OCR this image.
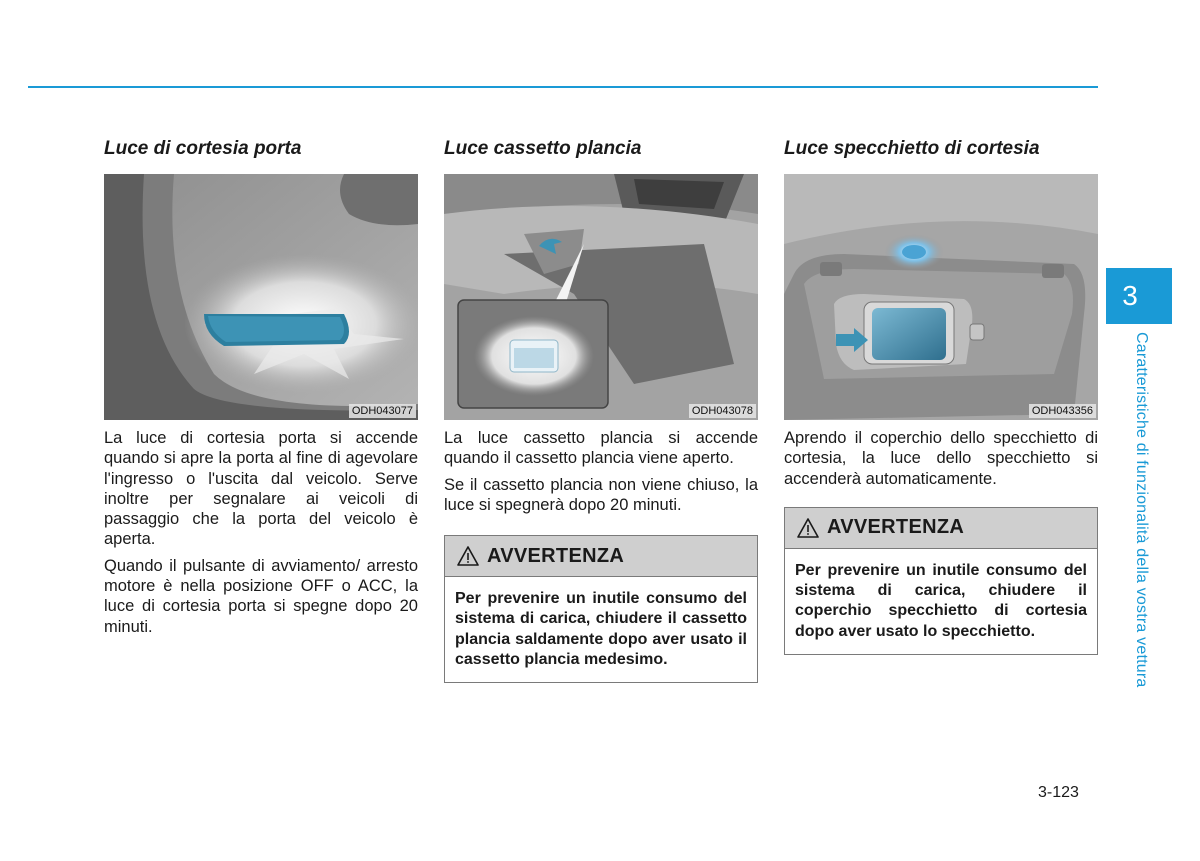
Luce di cortesia porta
ODH043077

La luce di cortesia porta si accende quando si apre la porta al fine di agevolare l'ingresso o l'uscita dal veicolo. Serve inoltre per segnalare ai veicoli di passaggio che la porta del veicolo è aperta.

Quando il pulsante di avviamento/ arresto motore è nella posizione OFF o ACC, la luce di cortesia porta si spegne dopo 20 minuti.

Luce cassetto plancia
ODH043078

La luce cassetto plancia si accende quando il cassetto plancia viene aperto.

Se il cassetto plancia non viene chiuso, la luce si spegnerà dopo 20 minuti.

AVVERTENZA
Per prevenire un inutile consumo del sistema di carica, chiudere il cassetto plancia saldamente dopo aver usato il cassetto plancia medesimo.
Luce specchietto di cortesia
ODH043356

Aprendo il coperchio dello specchietto di cortesia, la luce dello specchietto si accenderà automaticamente.

AVVERTENZA
Per prevenire un inutile consumo del sistema di carica, chiudere il coperchio specchietto di cortesia dopo aver usato lo specchietto.
3
Caratteristiche di funzionalità della vostra vettura
3-123
